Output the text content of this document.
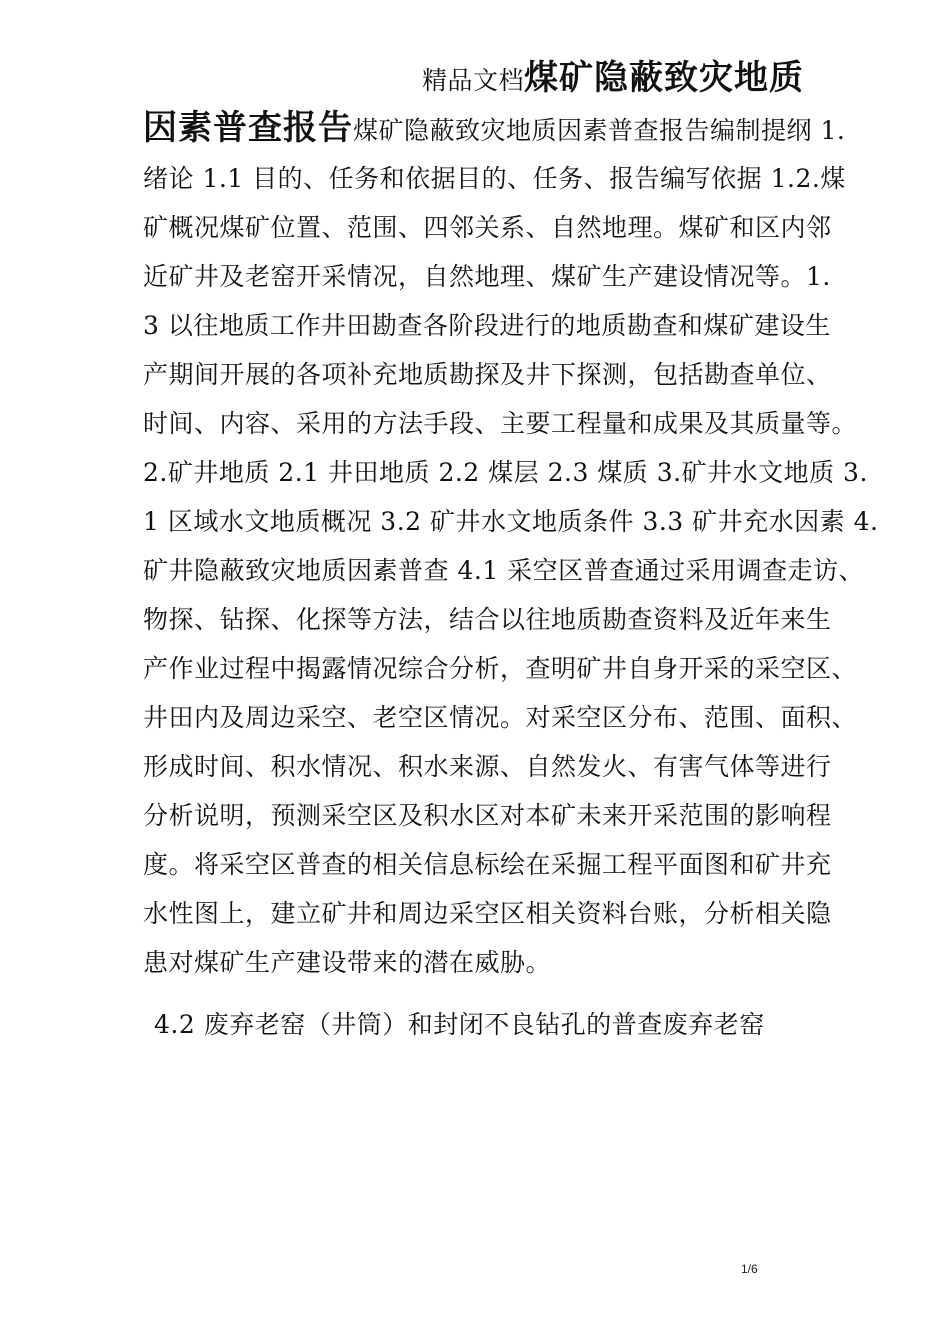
精品文档煤矿隐蔽致灾地质
因素普查报告煤矿隐蔽致灾地质因素普查报告编制提纲 1.
绪论 1.1 目的、任务和依据目的、任务、报告编写依据 1.2.煤
矿概况煤矿位置、范围、四邻关系、自然地理。煤矿和区内邻
近矿井及老窑开采情况，自然地理、煤矿生产建设情况等。1.
3 以往地质工作井田勘查各阶段进行的地质勘查和煤矿建设生
产期间开展的各项补充地质勘探及井下探测，包括勘查单位、
时间、内容、采用的方法手段、主要工程量和成果及其质量等。
2.矿井地质 2.1 井田地质 2.2 煤层 2.3 煤质 3.矿井水文地质 3.
1 区域水文地质概况 3.2 矿井水文地质条件 3.3 矿井充水因素 4.
矿井隐蔽致灾地质因素普查 4.1 采空区普查通过采用调查走访、
物探、钻探、化探等方法，结合以往地质勘查资料及近年来生
产作业过程中揭露情况综合分析，查明矿井自身开采的采空区、
井田内及周边采空、老空区情况。对采空区分布、范围、面积、
形成时间、积水情况、积水来源、自然发火、有害气体等进行
分析说明，预测采空区及积水区对本矿未来开采范围的影响程
度。将采空区普查的相关信息标绘在采掘工程平面图和矿井充
水性图上，建立矿井和周边采空区相关资料台账，分析相关隐
患对煤矿生产建设带来的潜在威胁。
4.2 废弃老窑（井筒）和封闭不良钻孔的普查废弃老窑
1/6
